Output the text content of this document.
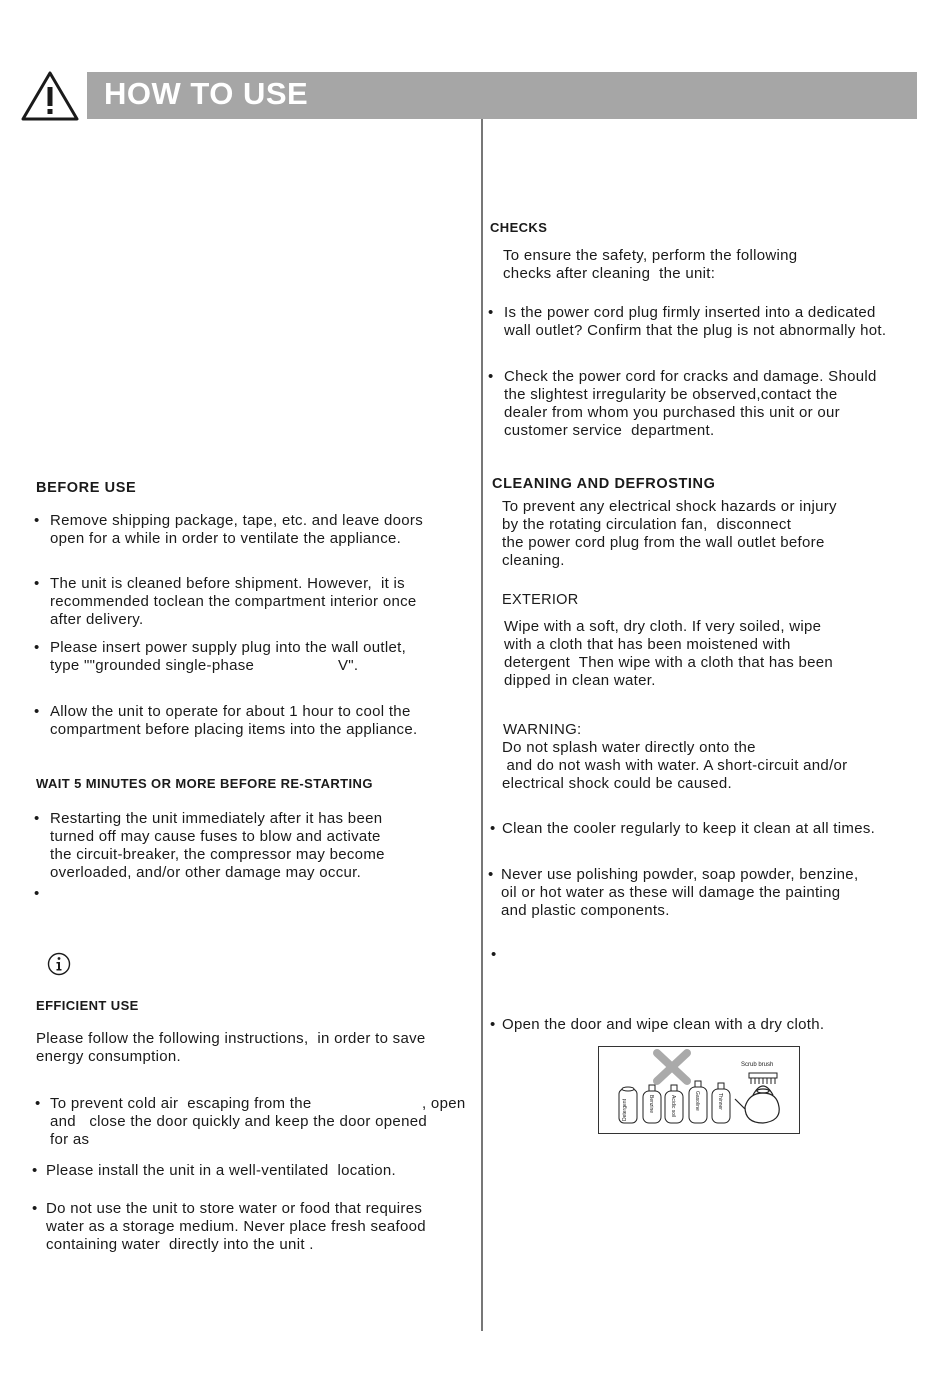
HOW TO USE
BEFORE USE
• Remove shipping package, tape, etc. and leave doors
open for a while in order to ventilate the appliance.
• The unit is cleaned before shipment. However,  it is
recommended toclean the compartment interior once
after delivery.
• Please insert power supply plug into the wall outlet,
type ""grounded single-phase	V".
• Allow the unit to operate for about 1 hour to cool the
compartment before placing items into the appliance.
WAIT 5 MINUTES OR MORE BEFORE RE-STARTING
• Restarting the unit immediately after it has been
turned off may cause fuses to blow and activate
the circuit-breaker, the compressor may become
overloaded, and/or other damage may occur.
•
EFFICIENT USE
Please follow the following instructions,  in order to save
energy consumption.
• To prevent cold air  escaping from the	, open
and   close the door quickly and keep the door opened
for as
• Please install the unit in a well-ventilated  location.
• Do not use the unit to store water or food that requires
water as a storage medium. Never place fresh seafood
containing water  directly into the unit .
CHECKS
To ensure the safety, perform the following
checks after cleaning  the unit:
• Is the power cord plug firmly inserted into a dedicated
wall outlet? Confirm that the plug is not abnormally hot.
• Check the power cord for cracks and damage. Should
the slightest irregularity be observed,contact the
dealer from whom you purchased this unit or our
customer service  department.
CLEANING AND DEFROSTING
To prevent any electrical shock hazards or injury
by the rotating circulation fan,  disconnect
the power cord plug from the wall outlet before
cleaning.
EXTERIOR
Wipe with a soft, dry cloth. If very soiled, wipe
with a cloth that has been moistened with
detergent  Then wipe with a cloth that has been
dipped in clean water.
WARNING:
Do not splash water directly onto the
and do not wash with water. A short-circuit and/or
electrical shock could be caused.
• Clean the cooler regularly to keep it clean at all times.
• Never use polishing powder, soap powder, benzine,
oil or hot water as these will damage the painting
and plastic components.
•
• Open the door and wipe clean with a dry cloth.
Scrub brush
Detergent	Benzine	Acidic soil	Gasoline	Thinner
